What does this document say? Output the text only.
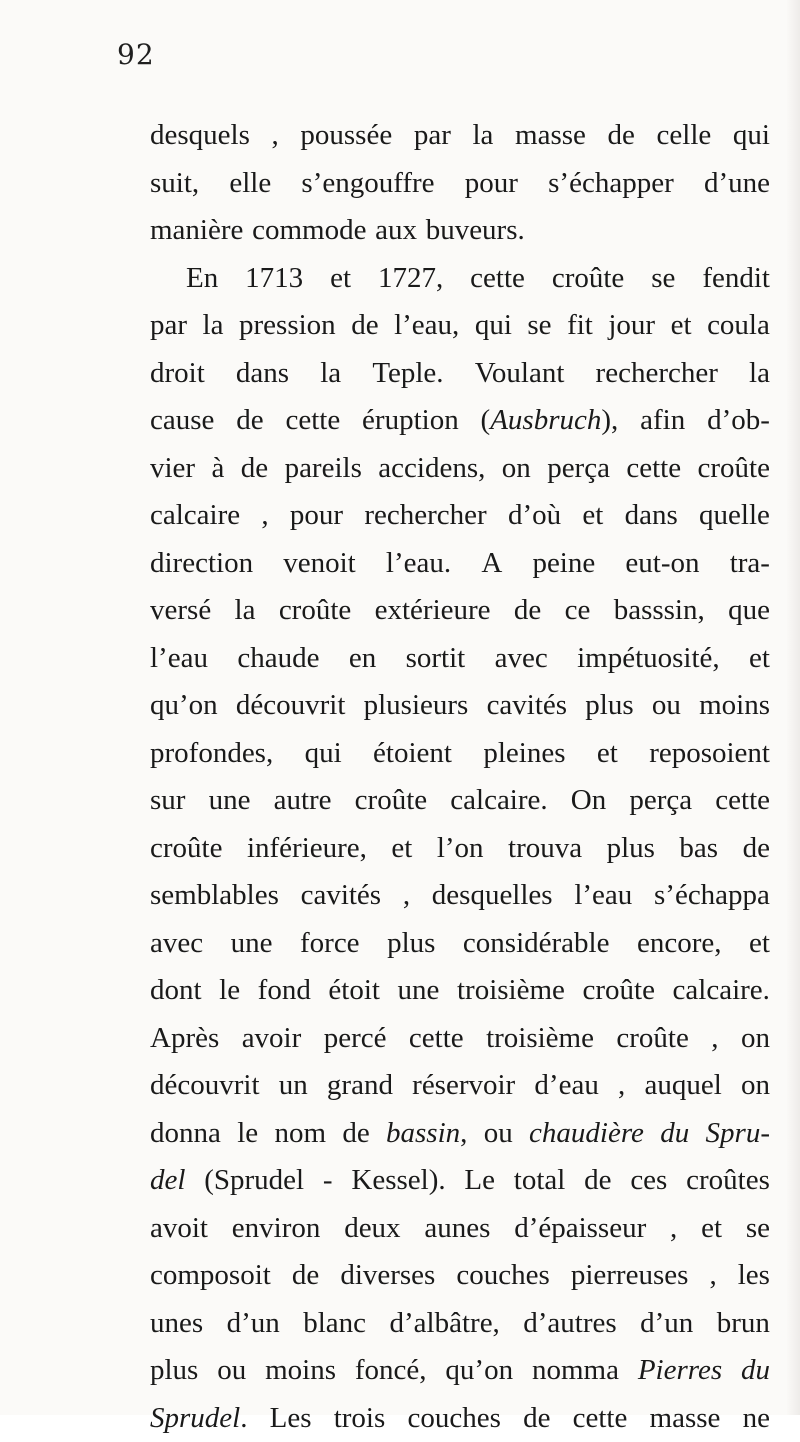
92
desquels , poussée par la masse de celle qui
suit, elle s’engouffre pour s’échapper d’une
manière commode aux buveurs.
En 1713 et 1727, cette croûte se fendit
par la pression de l’eau, qui se fit jour et coula
droit dans la Teple. Voulant rechercher la
cause de cette éruption (Ausbruch), afin d’ob-
vier à de pareils accidens, on perça cette croûte
calcaire , pour rechercher d’où et dans quelle
direction venoit l’eau. A peine eut-on tra-
versé la croûte extérieure de ce basssin, que
l’eau chaude en sortit avec impétuosité, et
qu’on découvrit plusieurs cavités plus ou moins
profondes, qui étoient pleines et reposoient
sur une autre croûte calcaire. On perça cette
croûte inférieure, et l’on trouva plus bas de
semblables cavités , desquelles l’eau s’échappa
avec une force plus considérable encore, et
dont le fond étoit une troisième croûte calcaire.
Après avoir percé cette troisième croûte , on
découvrit un grand réservoir d’eau , auquel on
donna le nom de bassin, ou chaudière du Spru-
del (Sprudel - Kessel). Le total de ces croûtes
avoit environ deux aunes d’épaisseur , et se
composoit de diverses couches pierreuses , les
unes d’un blanc d’albâtre, d’autres d’un brun
plus ou moins foncé, qu’on nomma Pierres du
Sprudel. Les trois couches de cette masse ne
